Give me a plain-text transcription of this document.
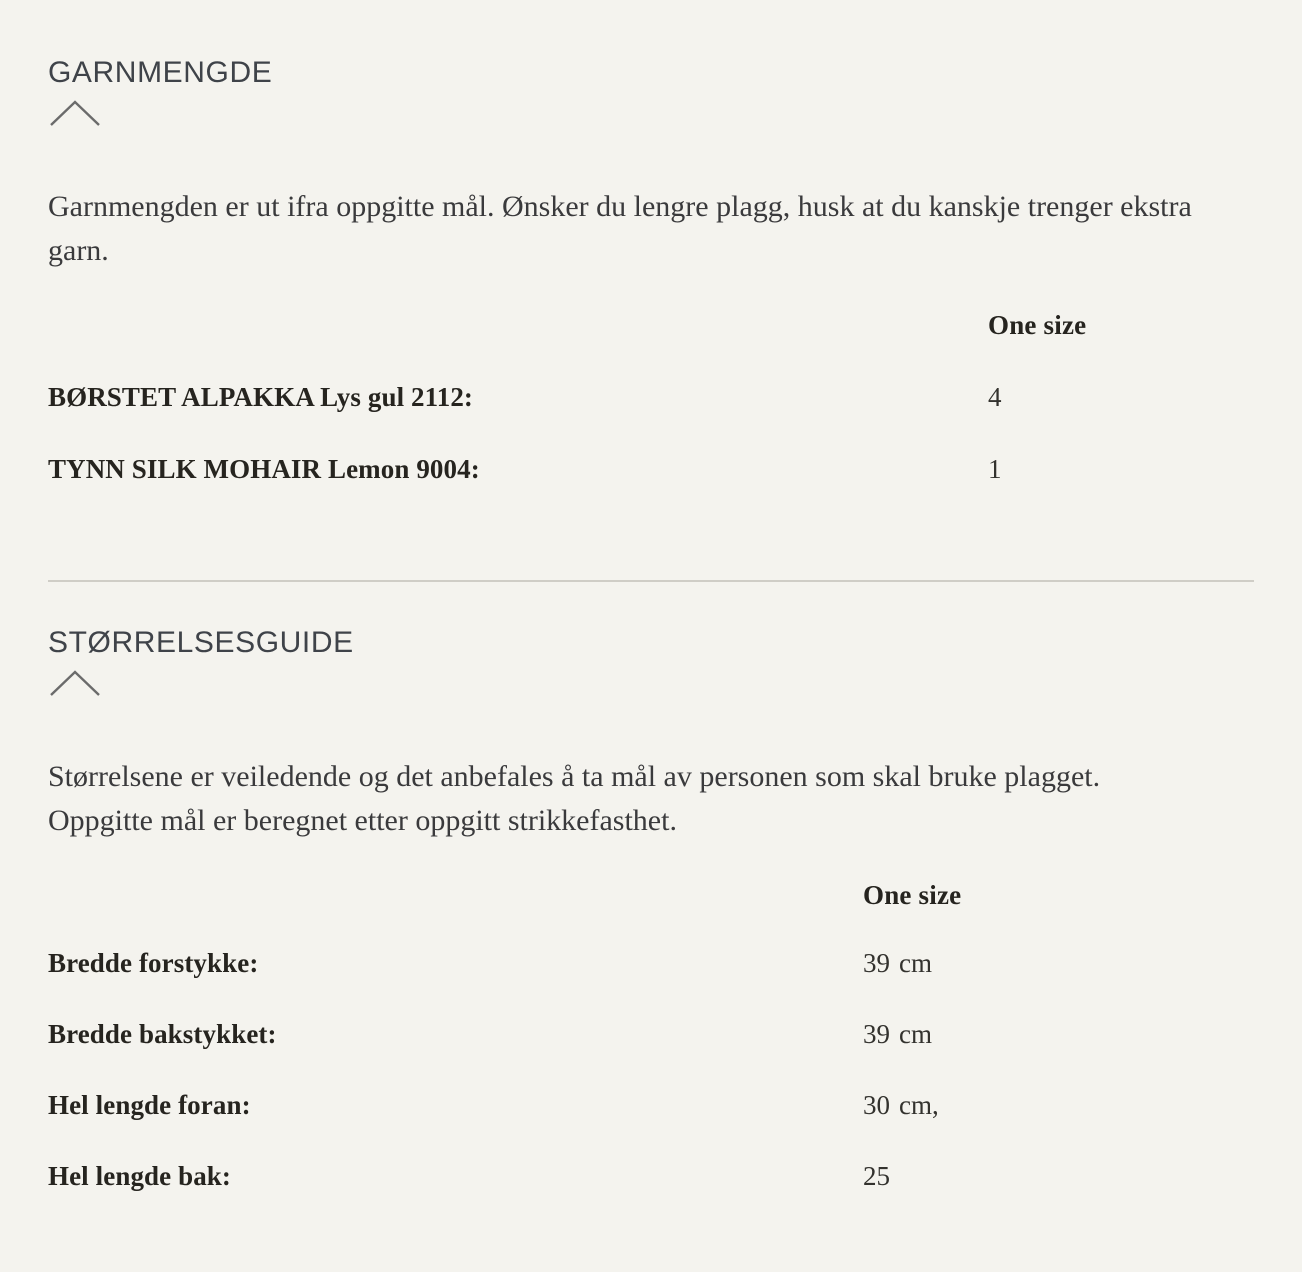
GARNMENGDE

Garnmengden er ut ifra oppgitte mål. Ønsker du lengre plagg, husk at du kanskje trenger ekstra garn.

	One size
BØRSTET ALPAKKA Lys gul 2112:	4
TYNN SILK MOHAIR Lemon 9004:	1
STØRRELSESGUIDE

Størrelsene er veiledende og det anbefales å ta mål av personen som skal bruke plagget. Oppgitte mål er beregnet etter oppgitt strikkefasthet.

	One size
Bredde forstykke:	39 cm
Bredde bakstykket:	39 cm
Hel lengde foran:	30 cm,
Hel lengde bak:	25
